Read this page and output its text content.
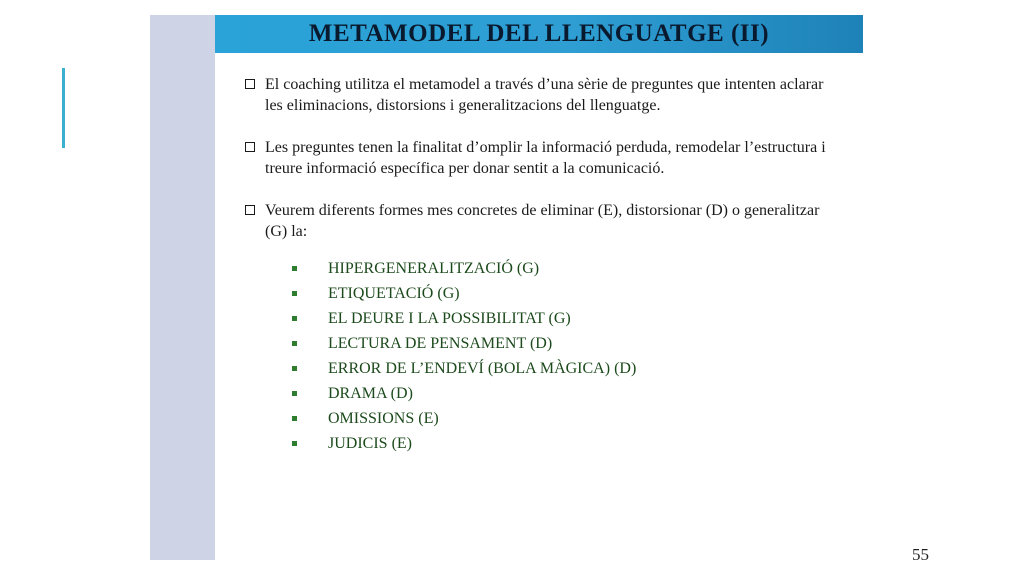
METAMODEL DEL LLENGUATGE (II)
El coaching utilitza el metamodel a través d’una sèrie de preguntes que intenten aclarar les eliminacions, distorsions i generalitzacions del llenguatge.
Les preguntes tenen la finalitat d’omplir la informació perduda, remodelar l’estructura i treure informació específica per donar sentit a la comunicació.
Veurem diferents formes mes concretes de eliminar (E), distorsionar (D) o generalitzar (G) la:
HIPERGENERALITZACIÓ (G)
ETIQUETACIÓ (G)
EL DEURE I LA POSSIBILITAT (G)
LECTURA DE PENSAMENT (D)
ERROR DE L’ENDEVÍ (BOLA MÀGICA) (D)
DRAMA (D)
OMISSIONS (E)
JUDICIS (E)
55
